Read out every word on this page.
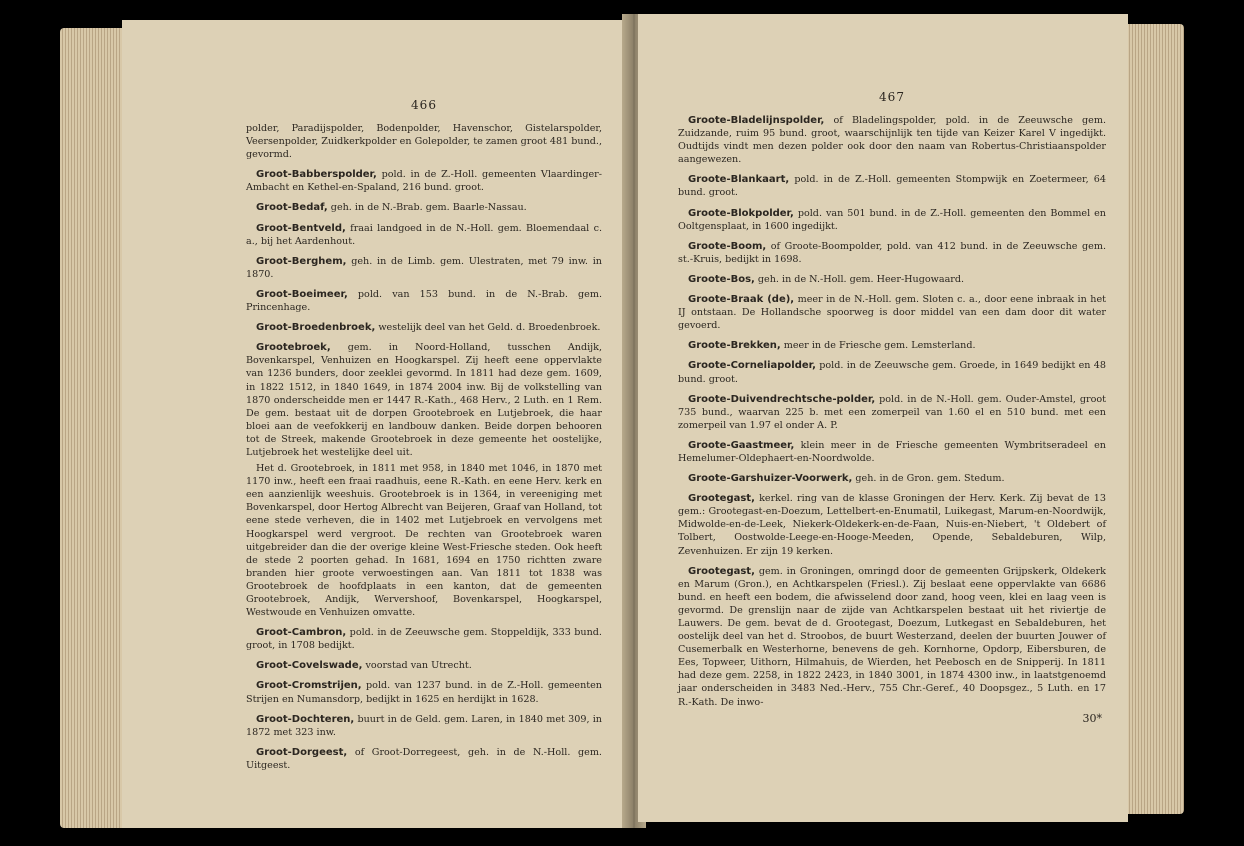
466

polder, Paradijspolder, Bodenpolder, Havenschor, Gistelarspolder, Veersenpolder, Zuidkerkpolder en Golepolder, te zamen groot 481 bund., gevormd.

Groot-Babberspolder, pold. in de Z.-Holl. gemeenten Vlaardinger-Ambacht en Kethel-en-Spaland, 216 bund. groot.

Groot-Bedaf, geh. in de N.-Brab. gem. Baarle-Nassau.

Groot-Bentveld, fraai landgoed in de N.-Holl. gem. Bloemendaal c. a., bij het Aardenhout.

Groot-Berghem, geh. in de Limb. gem. Ulestraten, met 79 inw. in 1870.

Groot-Boeimeer, pold. van 153 bund. in de N.-Brab. gem. Princenhage.

Groot-Broedenbroek, westelijk deel van het Geld. d. Broedenbroek.

Grootebroek, gem. in Noord-Holland, tusschen Andijk, Bovenkarspel, Venhuizen en Hoogkarspel. Zij heeft eene oppervlakte van 1236 bunders, door zeeklei gevormd. In 1811 had deze gem. 1609, in 1822 1512, in 1840 1649, in 1874 2004 inw. Bij de volkstelling van 1870 onderscheidde men er 1447 R.-Kath., 468 Herv., 2 Luth. en 1 Rem. De gem. bestaat uit de dorpen Grootebroek en Lutjebroek, die haar bloei aan de veefokkerij en landbouw danken. Beide dorpen behooren tot de Streek, makende Grootebroek in deze gemeente het oostelijke, Lutjebroek het westelijke deel uit.

Het d. Grootebroek, in 1811 met 958, in 1840 met 1046, in 1870 met 1170 inw., heeft een fraai raadhuis, eene R.-Kath. en eene Herv. kerk en een aanzienlijk weeshuis. Grootebroek is in 1364, in vereeniging met Bovenkarspel, door Hertog Albrecht van Beijeren, Graaf van Holland, tot eene stede verheven, die in 1402 met Lutjebroek en vervolgens met Hoogkarspel werd vergroot. De rechten van Grootebroek waren uitgebreider dan die der overige kleine West-Friesche steden. Ook heeft de stede 2 poorten gehad. In 1681, 1694 en 1750 richtten zware branden hier groote verwoestingen aan. Van 1811 tot 1838 was Grootebroek de hoofdplaats in een kanton, dat de gemeenten Grootebroek, Andijk, Wervershoof, Bovenkarspel, Hoogkarspel, Westwoude en Venhuizen omvatte.

Groot-Cambron, pold. in de Zeeuwsche gem. Stoppeldijk, 333 bund. groot, in 1708 bedijkt.

Groot-Covelswade, voorstad van Utrecht.

Groot-Cromstrijen, pold. van 1237 bund. in de Z.-Holl. gemeenten Strijen en Numansdorp, bedijkt in 1625 en herdijkt in 1628.

Groot-Dochteren, buurt in de Geld. gem. Laren, in 1840 met 309, in 1872 met 323 inw.

Groot-Dorgeest, of Groot-Dorregeest, geh. in de N.-Holl. gem. Uitgeest.

467

Groote-Bladelijnspolder, of Bladelingspolder, pold. in de Zeeuwsche gem. Zuidzande, ruim 95 bund. groot, waarschijnlijk ten tijde van Keizer Karel V ingedijkt. Oudtijds vindt men dezen polder ook door den naam van Robertus-Christiaanspolder aangewezen.

Groote-Blankaart, pold. in de Z.-Holl. gemeenten Stompwijk en Zoetermeer, 64 bund. groot.

Groote-Blokpolder, pold. van 501 bund. in de Z.-Holl. gemeenten den Bommel en Ooltgensplaat, in 1600 ingedijkt.

Groote-Boom, of Groote-Boompolder, pold. van 412 bund. in de Zeeuwsche gem. st.-Kruis, bedijkt in 1698.

Groote-Bos, geh. in de N.-Holl. gem. Heer-Hugowaard.

Groote-Braak (de), meer in de N.-Holl. gem. Sloten c. a., door eene inbraak in het IJ ontstaan. De Hollandsche spoorweg is door middel van een dam door dit water gevoerd.

Groote-Brekken, meer in de Friesche gem. Lemsterland.

Groote-Corneliapolder, pold. in de Zeeuwsche gem. Groede, in 1649 bedijkt en 48 bund. groot.

Groote-Duivendrechtsche-polder, pold. in de N.-Holl. gem. Ouder-Amstel, groot 735 bund., waarvan 225 b. met een zomerpeil van 1.60 el en 510 bund. met een zomerpeil van 1.97 el onder A. P.

Groote-Gaastmeer, klein meer in de Friesche gemeenten Wymbritseradeel en Hemelumer-Oldephaert-en-Noordwolde.

Groote-Garshuizer-Voorwerk, geh. in de Gron. gem. Stedum.

Grootegast, kerkel. ring van de klasse Groningen der Herv. Kerk. Zij bevat de 13 gem.: Grootegast-en-Doezum, Lettelbert-en-Enumatil, Luikegast, Marum-en-Noordwijk, Midwolde-en-de-Leek, Niekerk-Oldekerk-en-de-Faan, Nuis-en-Niebert, 't Oldebert of Tolbert, Oostwolde-Leege-en-Hooge-Meeden, Opende, Sebaldeburen, Wilp, Zevenhuizen. Er zijn 19 kerken.

Grootegast, gem. in Groningen, omringd door de gemeenten Grijpskerk, Oldekerk en Marum (Gron.), en Achtkarspelen (Friesl.). Zij beslaat eene oppervlakte van 6686 bund. en heeft een bodem, die afwisselend door zand, hoog veen, klei en laag veen is gevormd. De grenslijn naar de zijde van Achtkarspelen bestaat uit het riviertje de Lauwers. De gem. bevat de d. Grootegast, Doezum, Lutkegast en Sebaldeburen, het oostelijk deel van het d. Stroobos, de buurt Westerzand, deelen der buurten Jouwer of Cusemerbalk en Westerhorne, benevens de geh. Kornhorne, Opdorp, Eibersburen, de Ees, Topweer, Uithorn, Hilmahuis, de Wierden, het Peebosch en de Snipperij. In 1811 had deze gem. 2258, in 1822 2423, in 1840 3001, in 1874 4300 inw., in laatstgenoemd jaar onderscheiden in 3483 Ned.-Herv., 755 Chr.-Geref., 40 Doopsgez., 5 Luth. en 17 R.-Kath. De inwo-

30*
